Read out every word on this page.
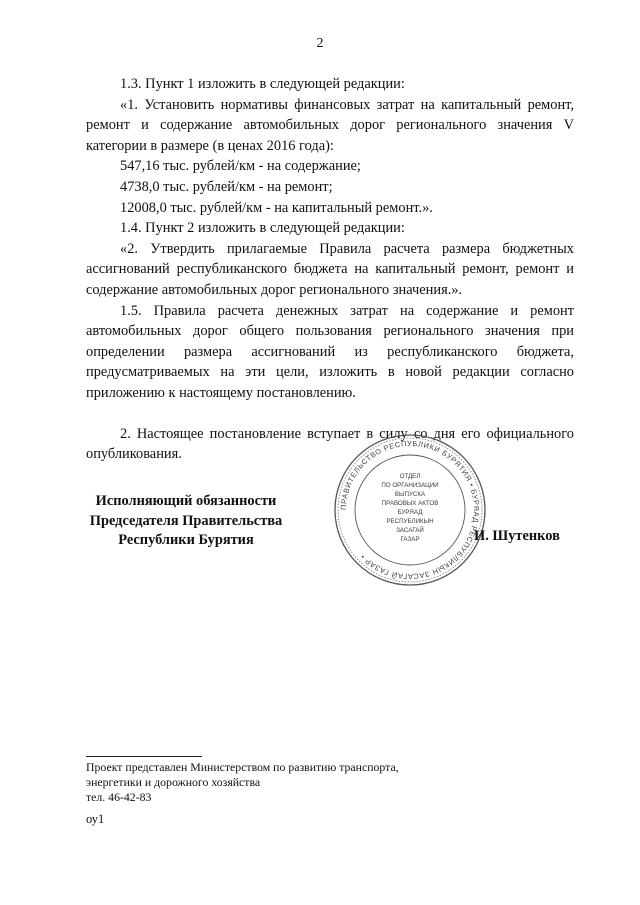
2

1.3. Пункт 1 изложить в следующей редакции:

«1. Установить нормативы финансовых затрат на капитальный ремонт, ремонт и содержание автомобильных дорог регионального значения V категории в размере (в ценах 2016 года):

547,16 тыс. рублей/км - на содержание;

4738,0 тыс. рублей/км - на ремонт;

12008,0 тыс. рублей/км - на капитальный ремонт.».

1.4. Пункт 2 изложить в следующей редакции:

«2. Утвердить прилагаемые Правила расчета размера бюджетных ассигнований республиканского бюджета на капитальный ремонт, ремонт и содержание автомобильных дорог регионального значения.».

1.5. Правила расчета денежных затрат на содержание и ремонт автомобильных дорог общего пользования регионального значения при определении размера ассигнований из республиканского бюджета, предусматриваемых на эти цели, изложить в новой редакции согласно приложению к настоящему постановлению.

2. Настоящее постановление вступает в силу со дня его официального опубликования.

Исполняющий обязанности
Председателя Правительства
Республики Бурятия
ПРАВИТЕЛЬСТВО РЕСПУБЛИКИ БУРЯТИЯ • БУРЯАД РЕСПУБЛИКЫН ЗАСАГАЙ ГАЗАР •
ОТДЕЛ
ПО ОРГАНИЗАЦИИ
ВЫПУСКА
ПРАВОВЫХ АКТОВ
БУРЯАД
РЕСПУБЛИКЫН
ЗАСАГАЙ
ГАЗАР	И. Шутенков
Проект представлен Министерством по развитию транспорта,
энергетики и дорожного хозяйства
тел. 46-42-83
оу1
